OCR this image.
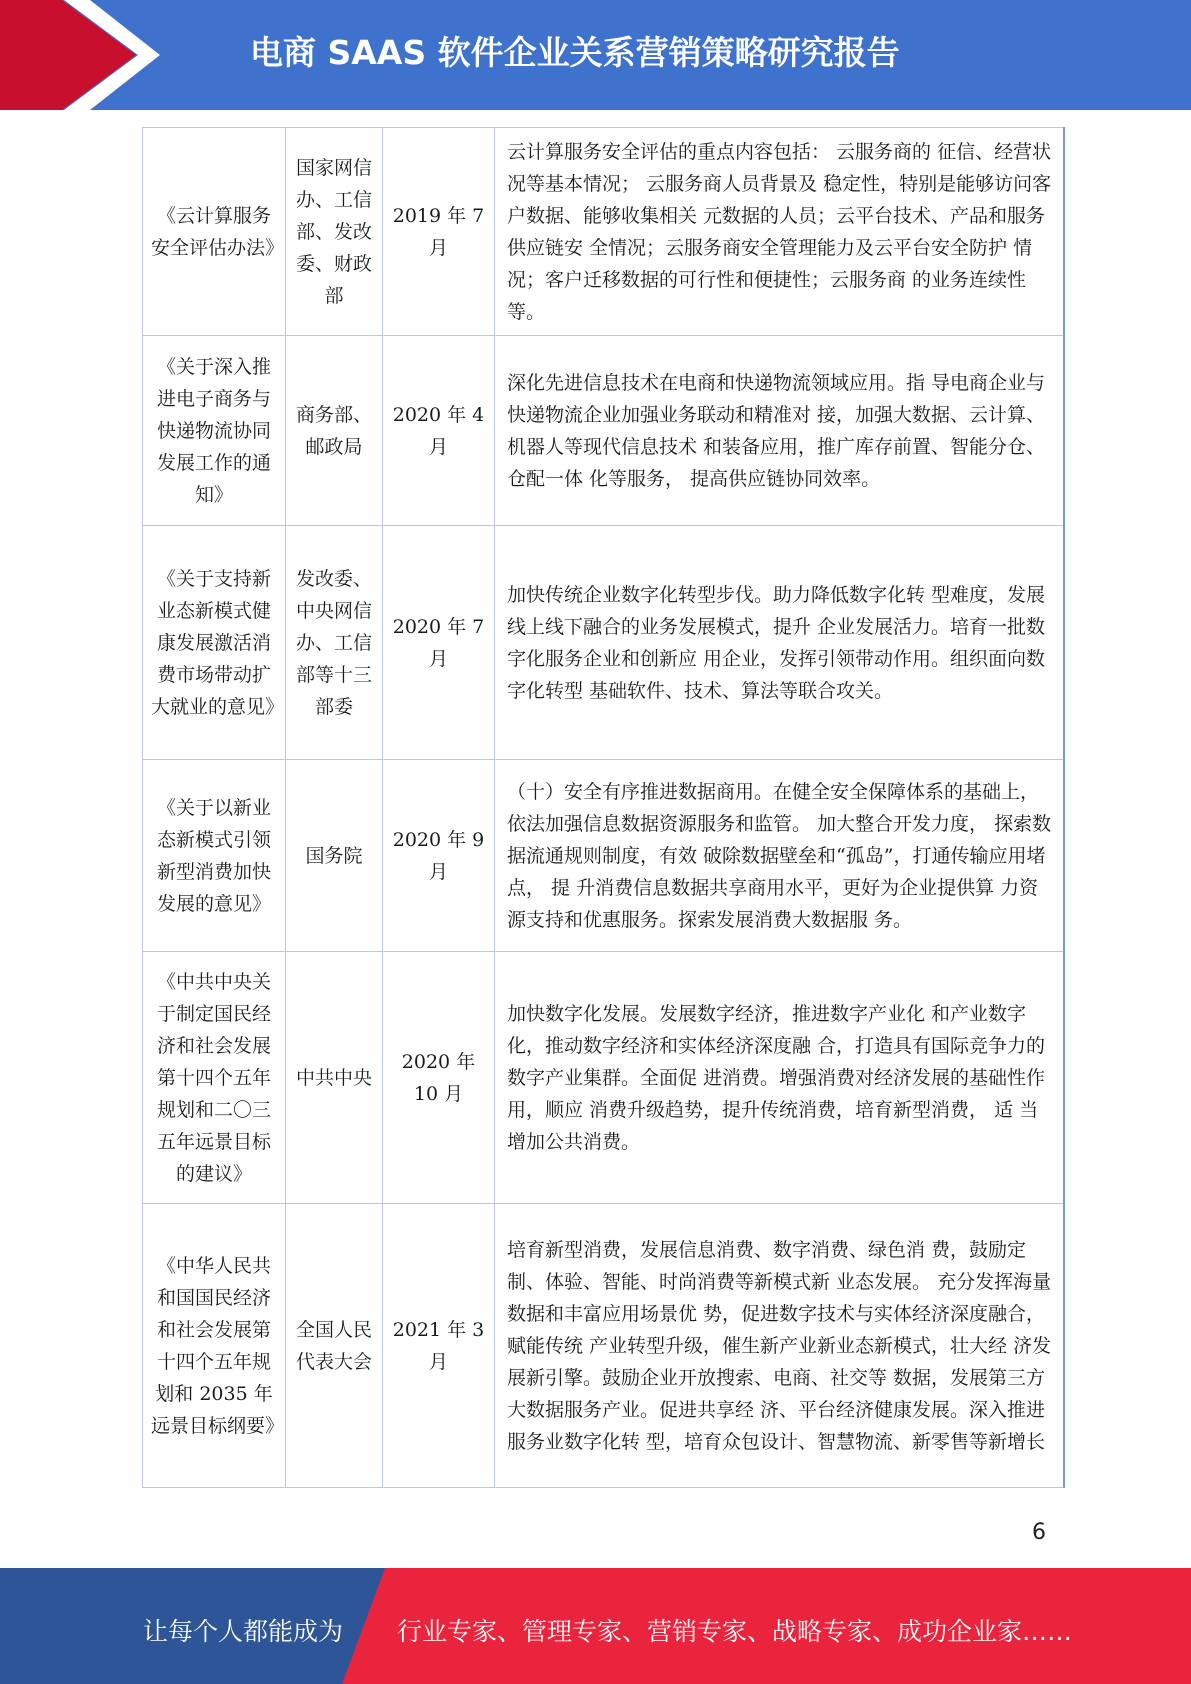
电商 SAAS 软件企业关系营销策略研究报告
《云计算服务安全评估办法》	国家网信办、工信部、发改委、财政部	2019 年 7 月	云计算服务安全评估的重点内容包括： 云服务商的 征信、经营状况等基本情况； 云服务商人员背景及 稳定性，特别是能够访问客户数据、能够收集相关 元数据的人员；云平台技术、产品和服务供应链安 全情况；云服务商安全管理能力及云平台安全防护 情况；客户迁移数据的可行性和便捷性；云服务商 的业务连续性等。
《关于深入推进电子商务与快递物流协同发展工作的通知》	商务部、邮政局	2020 年 4 月	深化先进信息技术在电商和快递物流领域应用。指 导电商企业与快递物流企业加强业务联动和精准对 接，加强大数据、云计算、机器人等现代信息技术 和装备应用，推广库存前置、智能分仓、仓配一体 化等服务， 提高供应链协同效率。
《关于支持新业态新模式健康发展激活消费市场带动扩大就业的意见》	发改委、中央网信办、工信部等十三部委	2020 年 7 月	加快传统企业数字化转型步伐。助力降低数字化转 型难度，发展线上线下融合的业务发展模式，提升 企业发展活力。培育一批数字化服务企业和创新应 用企业，发挥引领带动作用。组织面向数字化转型 基础软件、技术、算法等联合攻关。
《关于以新业态新模式引领新型消费加快发展的意见》	国务院	2020 年 9 月	（十）安全有序推进数据商用。在健全安全保障体系的基础上，依法加强信息数据资源服务和监管。 加大整合开发力度， 探索数据流通规则制度，有效 破除数据壁垒和“孤岛”，打通传输应用堵点， 提 升消费信息数据共享商用水平，更好为企业提供算 力资源支持和优惠服务。探索发展消费大数据服 务。
《中共中央关于制定国民经济和社会发展第十四个五年规划和二〇三五年远景目标的建议》	中共中央	2020 年 10 月	加快数字化发展。发展数字经济，推进数字产业化 和产业数字化，推动数字经济和实体经济深度融 合，打造具有国际竞争力的数字产业集群。全面促 进消费。增强消费对经济发展的基础性作用，顺应 消费升级趋势，提升传统消费，培育新型消费， 适 当增加公共消费。
《中华人民共和国国民经济和社会发展第十四个五年规划和 2035 年远景目标纲要》	全国人民代表大会	2021 年 3 月	培育新型消费，发展信息消费、数字消费、绿色消 费，鼓励定制、体验、智能、时尚消费等新模式新 业态发展。 充分发挥海量数据和丰富应用场景优 势，促进数字技术与实体经济深度融合，赋能传统 产业转型升级，催生新产业新业态新模式，壮大经 济发展新引擎。鼓励企业开放搜索、电商、社交等 数据，发展第三方大数据服务产业。促进共享经 济、平台经济健康发展。深入推进服务业数字化转 型，培育众包设计、智慧物流、新零售等新增长
6
让每个人都能成为 行业专家、管理专家、营销专家、战略专家、成功企业家……
